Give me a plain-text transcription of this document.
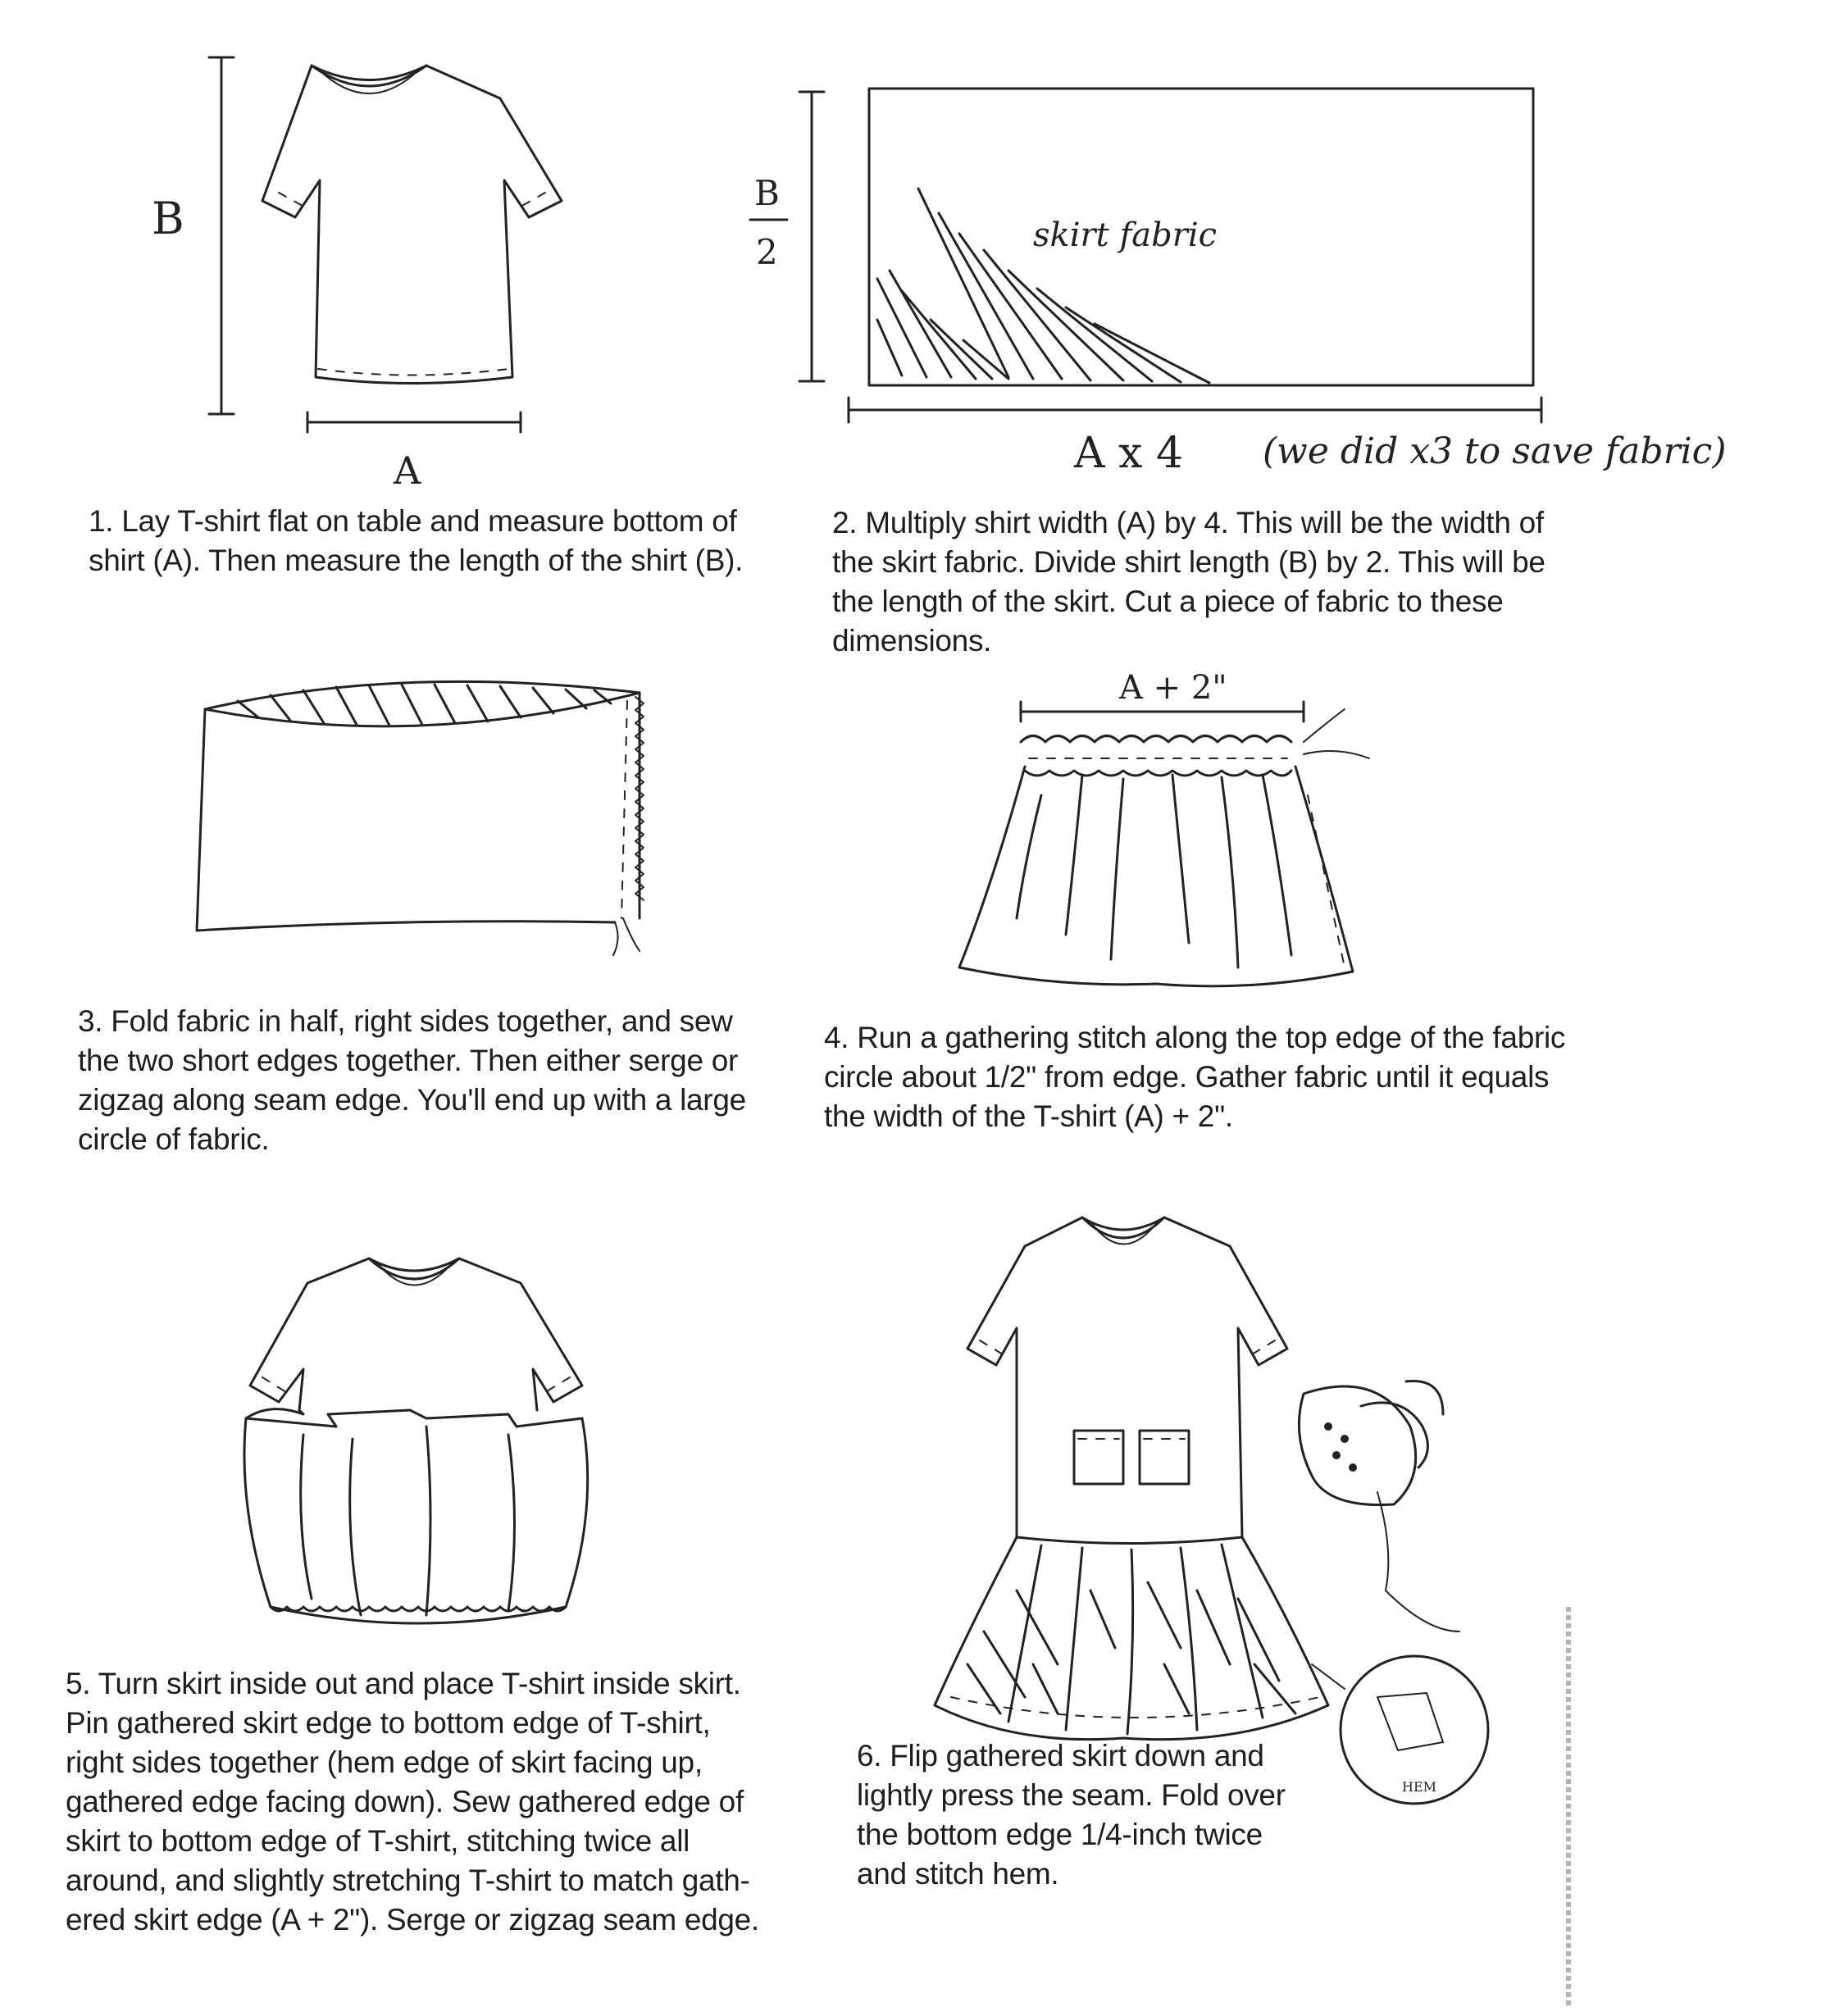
B
A
1. Lay T-shirt flat on table and measure bottom of
shirt (A). Then measure the length of the shirt (B).
B
2	skirt fabric
A x 4 (we did x3 to save fabric)
2. Multiply shirt width (A) by 4. This will be the width of
the skirt fabric. Divide shirt length (B) by 2. This will be
the length of the skirt. Cut a piece of fabric to these
dimensions.
3. Fold fabric in half, right sides together, and sew
the two short edges together. Then either serge or
zigzag along seam edge. You'll end up with a large
circle of fabric.
A + 2"
4. Run a gathering stitch along the top edge of the fabric
circle about 1/2" from edge. Gather fabric until it equals
the width of the T-shirt (A) + 2".
5. Turn skirt inside out and place T-shirt inside skirt.
Pin gathered skirt edge to bottom edge of T-shirt,
right sides together (hem edge of skirt facing up,
gathered edge facing down). Sew gathered edge of
skirt to bottom edge of T-shirt, stitching twice all
around, and slightly stretching T-shirt to match gath-
ered skirt edge (A + 2"). Serge or zigzag seam edge.
HEM
6. Flip gathered skirt down and
lightly press the seam. Fold over
the bottom edge 1/4-inch twice
and stitch hem.
